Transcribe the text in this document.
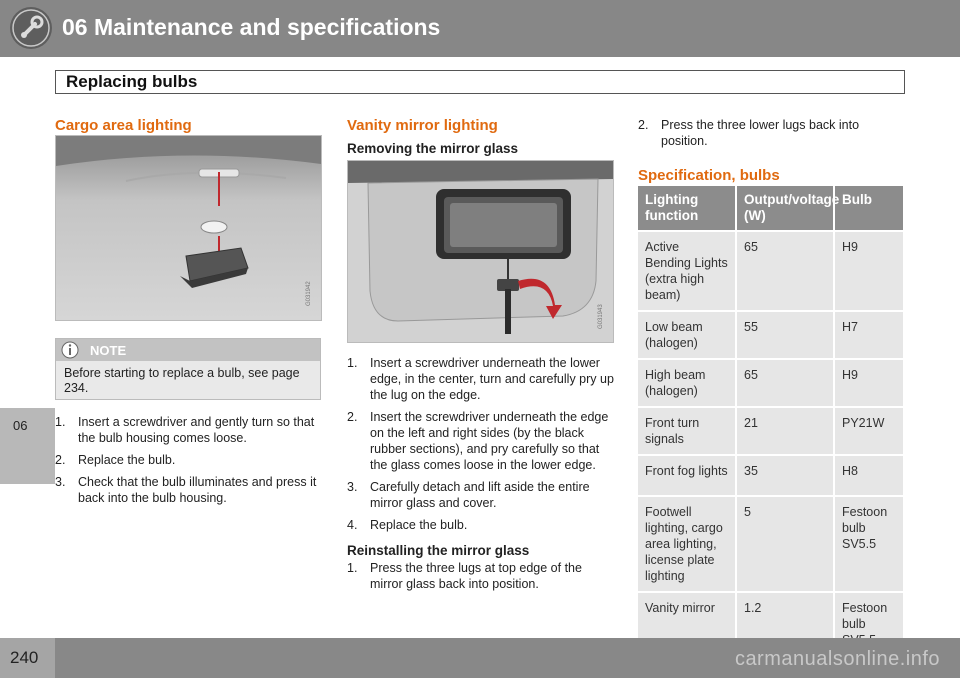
06 Maintenance and specifications
Replacing bulbs
06
Cargo area lighting
G031942
NOTE
Before starting to replace a bulb, see page 234.
1. Insert a screwdriver and gently turn so that the bulb housing comes loose.
2. Replace the bulb.
3. Check that the bulb illuminates and press it back into the bulb housing.
Vanity mirror lighting
Removing the mirror glass
G031943
1. Insert a screwdriver underneath the lower edge, in the center, turn and carefully pry up the lug on the edge.
2. Insert the screwdriver underneath the edge on the left and right sides (by the black rubber sections), and pry carefully so that the glass comes loose in the lower edge.
3. Carefully detach and lift aside the entire mirror glass and cover.
4. Replace the bulb.
Reinstalling the mirror glass
1. Press the three lugs at top edge of the mirror glass back into position.
2. Press the three lower lugs back into position.
Specification, bulbs
Lighting function	Output/voltage (W)	Bulb
Active Bending Lights (extra high beam)	65	H9
Low beam (halogen)	55	H7
High beam (halogen)	65	H9
Front turn signals	21	PY21W
Front fog lights	35	H8
Footwell lighting, cargo area lighting, license plate lighting	5	Festoon bulb SV5.5
Vanity mirror	1.2	Festoon bulb
240	carmanualsonline.info
